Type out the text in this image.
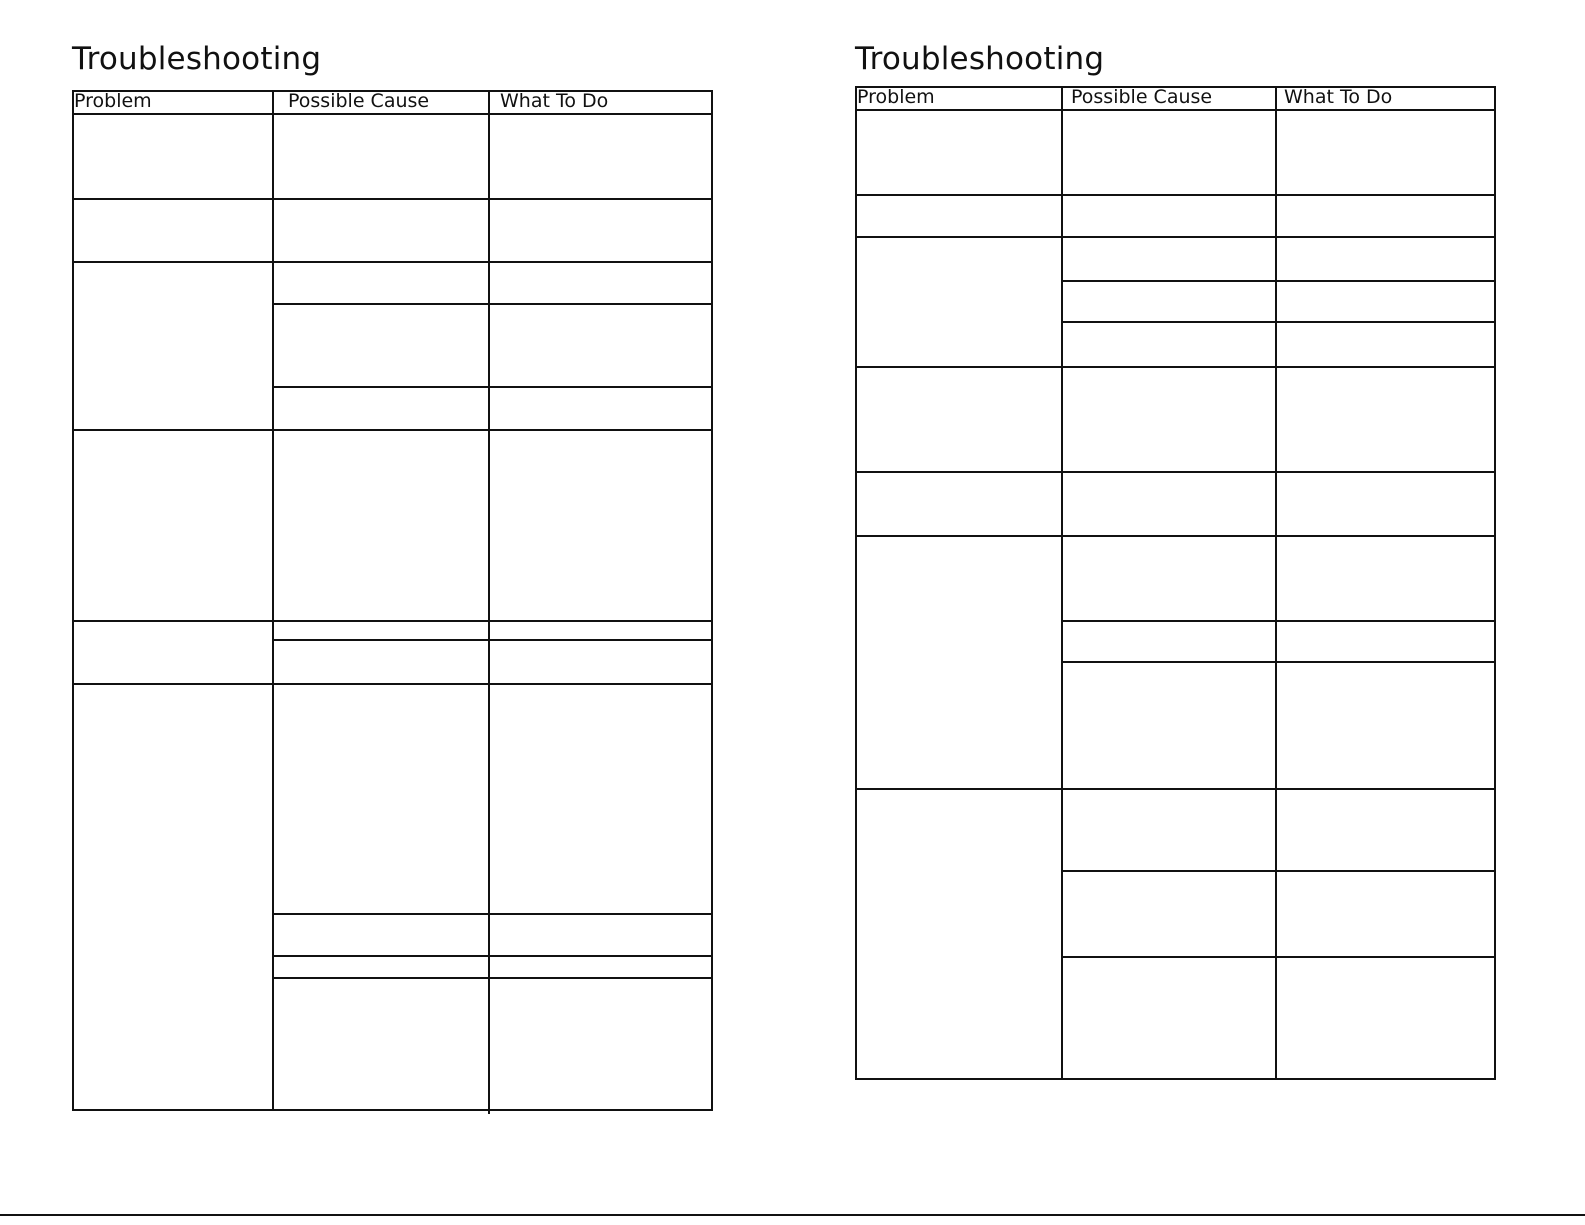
Troubleshooting
Problem	Possible Cause	What To Do
Troubleshooting
Problem	Possible Cause	What To Do
